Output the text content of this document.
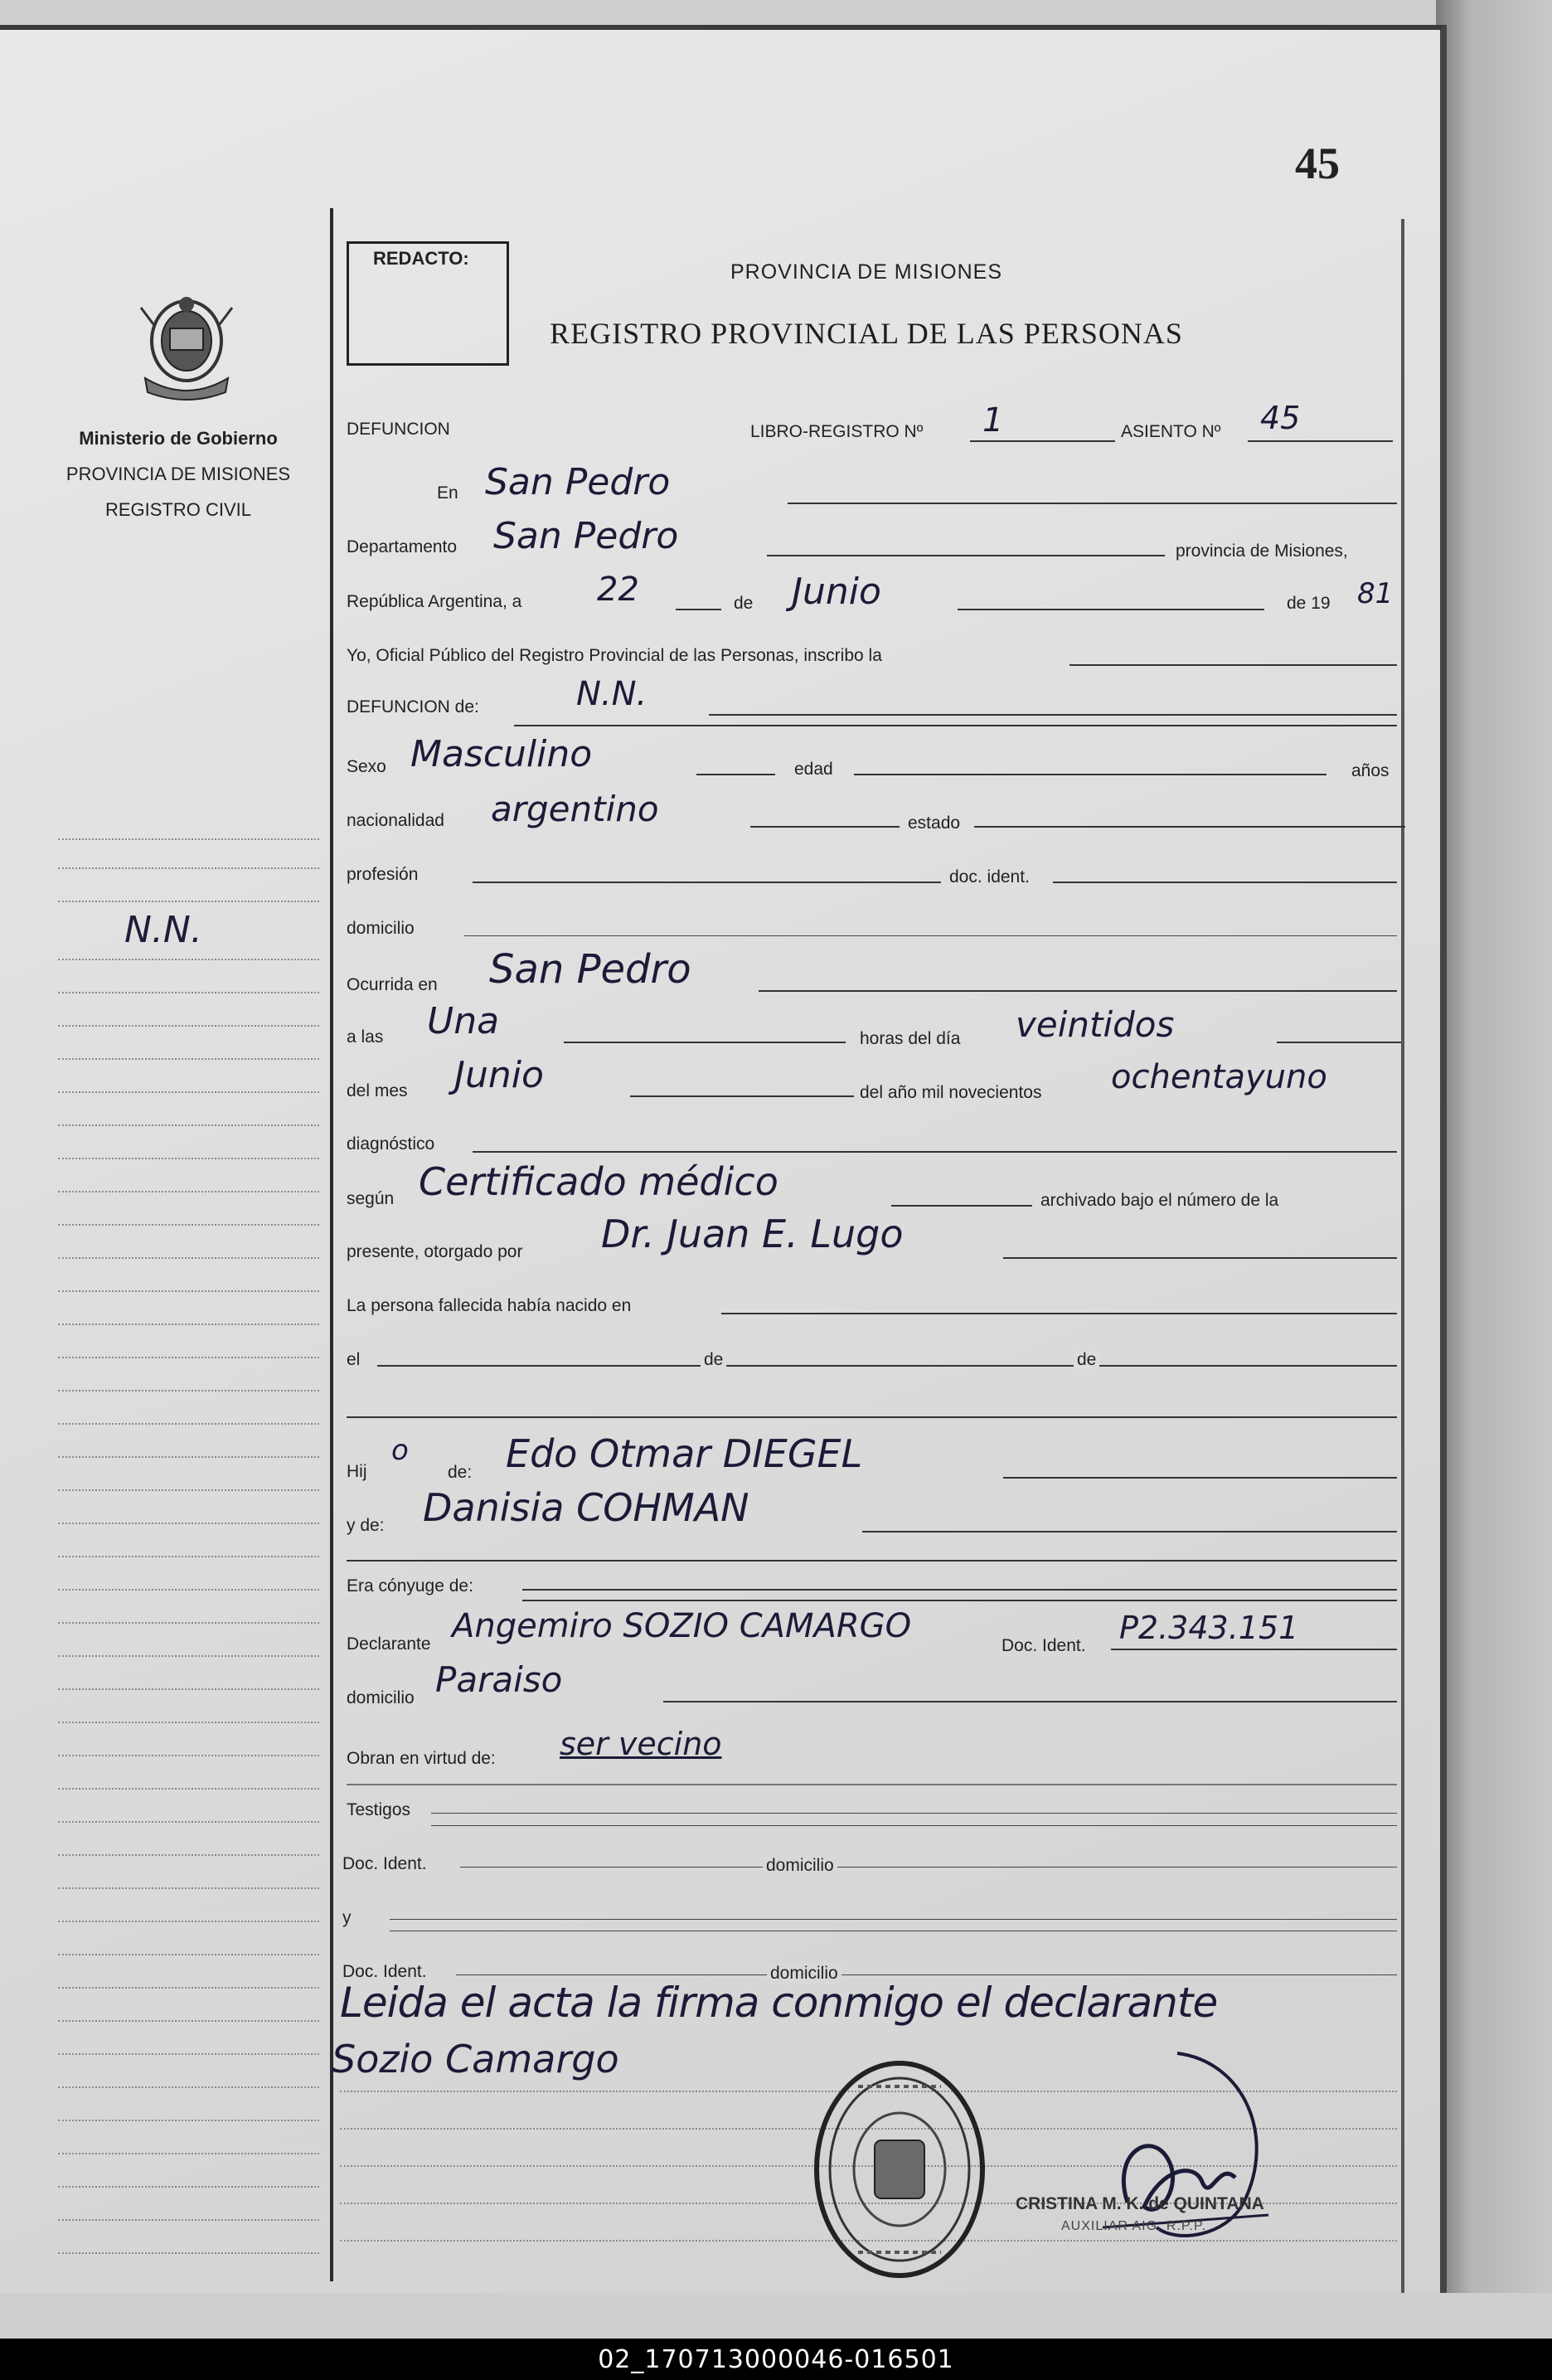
45
Ministerio de Gobierno
PROVINCIA DE MISIONES
REGISTRO CIVIL
N.N.
REDACTO:
PROVINCIA DE MISIONES
REGISTRO PROVINCIAL DE LAS PERSONAS
DEFUNCION	LIBRO-REGISTRO Nº 1	ASIENTO Nº 45
En San Pedro
Departamento San Pedro	provincia de Misiones,
República Argentina, a 22	de Junio	de 19 81
Yo, Oficial Público del Registro Provincial de las Personas, inscribo la
DEFUNCION de:	N.N.
Sexo Masculino	edad	años
nacionalidad argentino	estado
profesión	doc. ident.
domicilio
Ocurrida en San Pedro
a las Una	horas del día veintidos
del mes Junio	del año mil novecientos ochentayuno
diagnóstico
según Certificado médico	archivado bajo el número de la
presente, otorgado por Dr. Juan E. Lugo
La persona fallecida había nacido en
el	de	de
Hij
o
de: Edo Otmar DIEGEL
y de: Danisia COHMAN
Era cónyuge de:
Declarante Angemiro SOZIO CAMARGO
Doc. Ident. P2.343.151
domicilio Paraiso
Obran en virtud de: ser vecino
Testigos
Doc. Ident.	domicilio
y
Doc. Ident.	domicilio
Leida el acta la firma conmigo el declarante
Sozio Camargo
CRISTINA M. K. de QUINTANA
AUXILIAR AIG. R.P.P.
02_170713000046-016501
